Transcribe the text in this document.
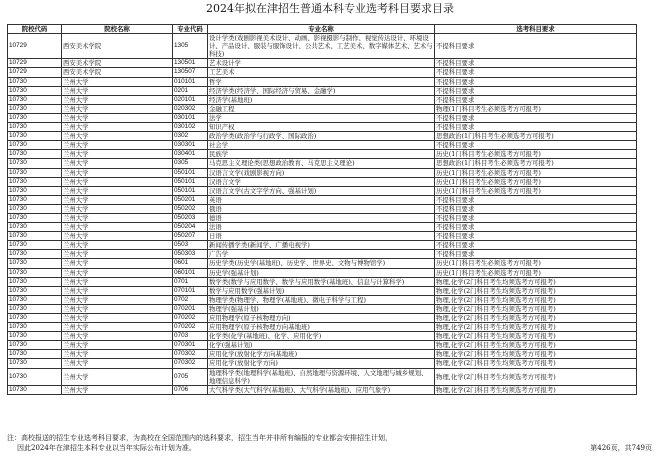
2024年拟在津招生普通本科专业选考科目要求目录
院校代码	院校名称	专业代码	专业名称	选考科目要求
10729	西安美术学院	1305	设计学类(戏剧影视美术设计、动画、影视摄影与制作、视觉传达设计、环境设计、产品设计、服装与服饰设计、公共艺术、工艺美术、数字媒体艺术、艺术与科技)	不提科目要求
10729	西安美术学院	130501	艺术设计学	不提科目要求
10729	西安美术学院	130507	工艺美术	不提科目要求
10730	兰州大学	010101	哲学	不提科目要求
10730	兰州大学	0201	经济学类(经济学、国际经济与贸易、金融学)	不提科目要求
10730	兰州大学	020101	经济学(基地班)	不提科目要求
10730	兰州大学	020302	金融工程	物理(1门科目考生必须选考方可报考)
10730	兰州大学	030101	法学	不提科目要求
10730	兰州大学	030102	知识产权	不提科目要求
10730	兰州大学	0302	政治学类(政治学与行政学、国际政治)	思想政治(1门科目考生必须选考方可报考)
10730	兰州大学	030301	社会学	不提科目要求
10730	兰州大学	030401	民族学	历史(1门科目考生必须选考方可报考)
10730	兰州大学	0305	马克思主义理论类(思想政治教育、马克思主义理论)	思想政治(1门科目考生必须选考方可报考)
10730	兰州大学	050101	汉语言文学(戏剧影视方向)	历史(1门科目考生必须选考方可报考)
10730	兰州大学	050101	汉语言文学	历史(1门科目考生必须选考方可报考)
10730	兰州大学	050101	汉语言文学(古文字学方向、强基计划)	历史(1门科目考生必须选考方可报考)
10730	兰州大学	050201	英语	不提科目要求
10730	兰州大学	050202	俄语	不提科目要求
10730	兰州大学	050203	德语	不提科目要求
10730	兰州大学	050204	法语	不提科目要求
10730	兰州大学	050207	日语	不提科目要求
10730	兰州大学	0503	新闻传播学类(新闻学、广播电视学)	不提科目要求
10730	兰州大学	050303	广告学	不提科目要求
10730	兰州大学	0601	历史学类(历史学(基地班)、历史学、世界史、文物与博物馆学)	历史(1门科目考生必须选考方可报考)
10730	兰州大学	060101	历史学(强基计划)	历史(1门科目考生必须选考方可报考)
10730	兰州大学	0701	数学类(数学与应用数学、数学与应用数学(基地班)、信息与计算科学)	物理,化学(2门科目考生均须选考方可报考)
10730	兰州大学	070101	数学与应用数学(强基计划)	物理,化学(2门科目考生均须选考方可报考)
10730	兰州大学	0702	物理学类(物理学、物理学(基地班)、微电子科学与工程)	物理,化学(2门科目考生均须选考方可报考)
10730	兰州大学	070201	物理学(强基计划)	物理,化学(2门科目考生均须选考方可报考)
10730	兰州大学	070202	应用物理学(原子核物理方向)	物理,化学(2门科目考生均须选考方可报考)
10730	兰州大学	070202	应用物理学(原子核物理方向基地班)	物理,化学(2门科目考生均须选考方可报考)
10730	兰州大学	0703	化学类(化学(基地班)、化学、应用化学)	物理,化学(2门科目考生均须选考方可报考)
10730	兰州大学	070301	化学(强基计划)	物理,化学(2门科目考生均须选考方可报考)
10730	兰州大学	070302	应用化学(放射化学方向基地班)	物理,化学(2门科目考生均须选考方可报考)
10730	兰州大学	070302	应用化学(放射化学方向)	物理,化学(2门科目考生均须选考方可报考)
10730	兰州大学	0705	地理科学类(地理科学(基地班)、自然地理与资源环境、人文地理与城乡规划、地理信息科学)	物理,化学(2门科目考生均须选考方可报考)
10730	兰州大学	0706	大气科学类(大气科学(基地班)、大气科学(基地班)、应用气象学)	物理,化学(2门科目考生均须选考方可报考)
注：高校报送的招生专业选考科目要求，为高校在全国范围内的选科要求，招生当年并非所有编报的专业都会安排招生计划，
因此2024年在津招生本科专业以当年实际公布计划为准。	第426页，共749页
